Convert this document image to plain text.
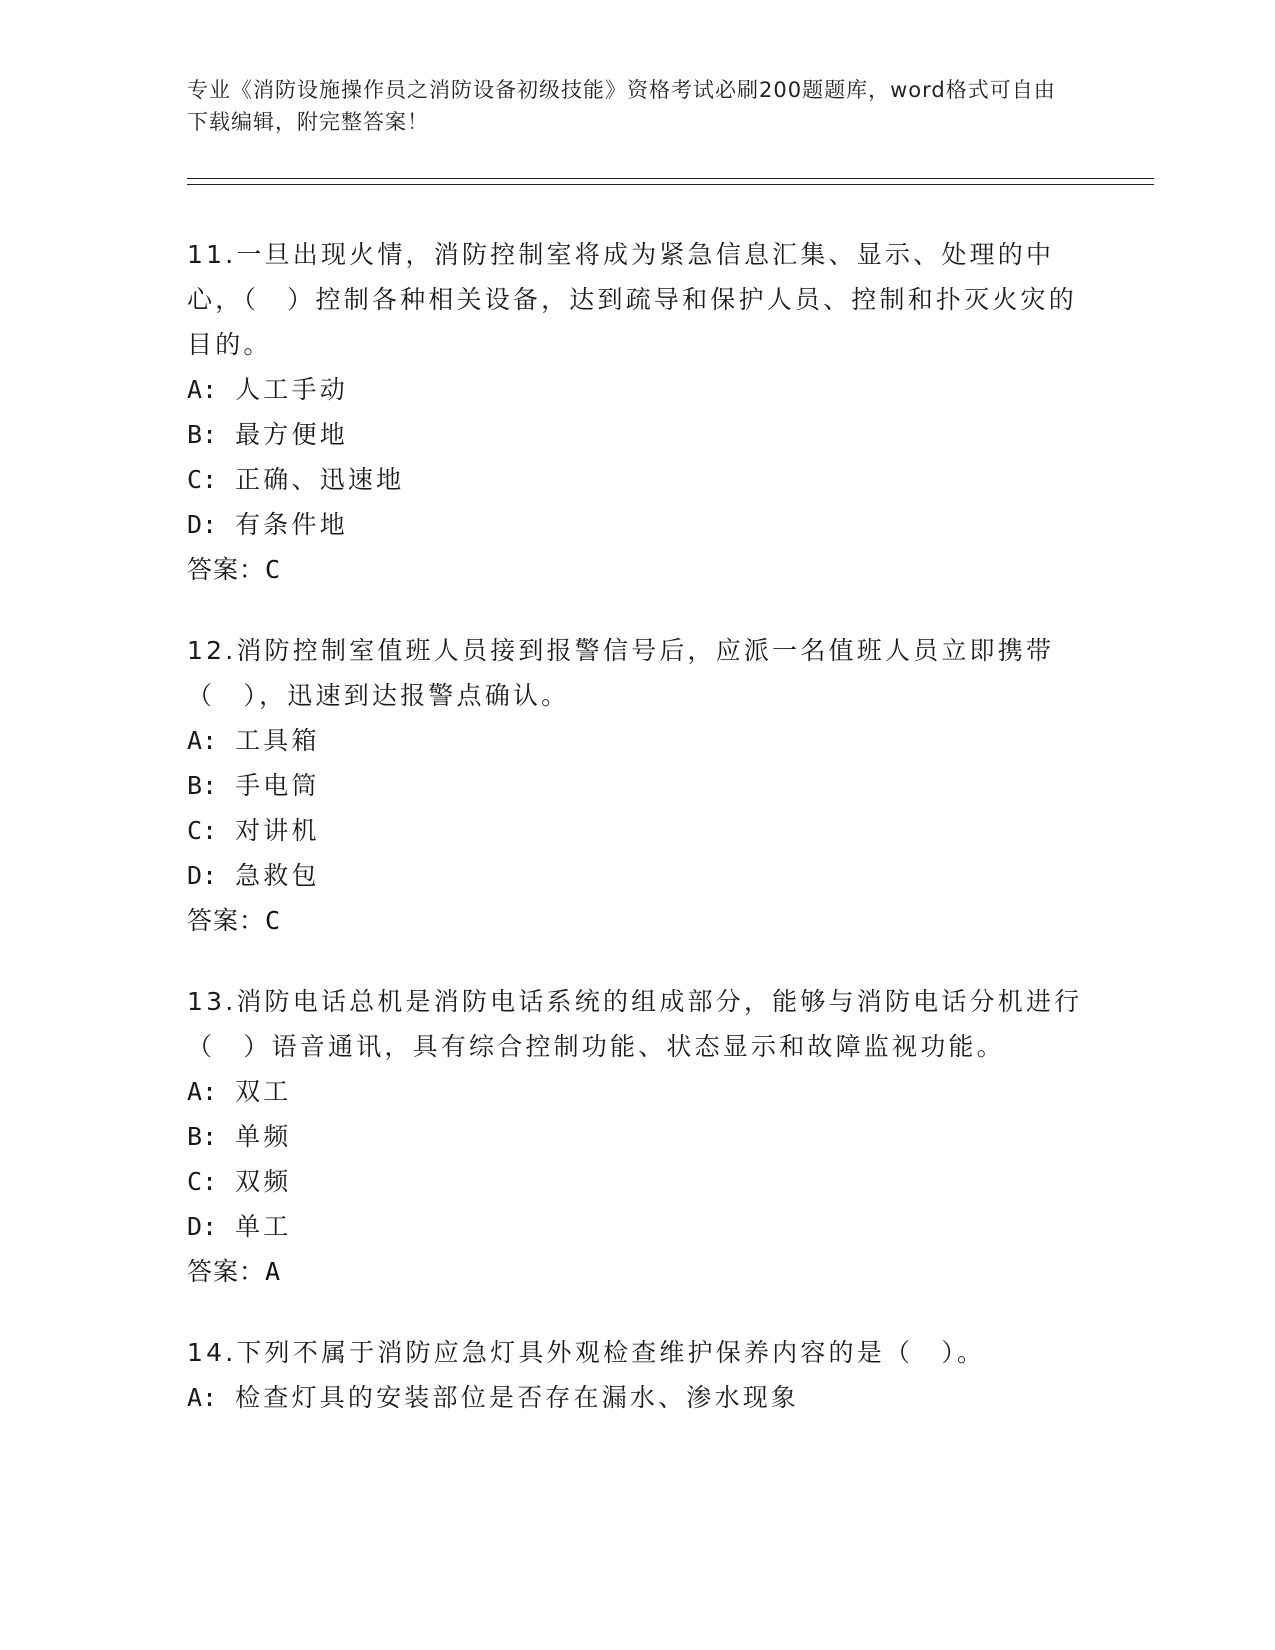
专业《消防设施操作员之消防设备初级技能》资格考试必刷200题题库，word格式可自由下载编辑，附完整答案！
11.一旦出现火情，消防控制室将成为紧急信息汇集、显示、处理的中心，（　）控制各种相关设备，达到疏导和保护人员、控制和扑灭火灾的目的。
A: 人工手动
B: 最方便地
C: 正确、迅速地
D: 有条件地
答案：C
12.消防控制室值班人员接到报警信号后，应派一名值班人员立即携带（　），迅速到达报警点确认。
A: 工具箱
B: 手电筒
C: 对讲机
D: 急救包
答案：C
13.消防电话总机是消防电话系统的组成部分，能够与消防电话分机进行（　）语音通讯，具有综合控制功能、状态显示和故障监视功能。
A: 双工
B: 单频
C: 双频
D: 单工
答案：A
14.下列不属于消防应急灯具外观检查维护保养内容的是（　）。
A: 检查灯具的安装部位是否存在漏水、渗水现象
